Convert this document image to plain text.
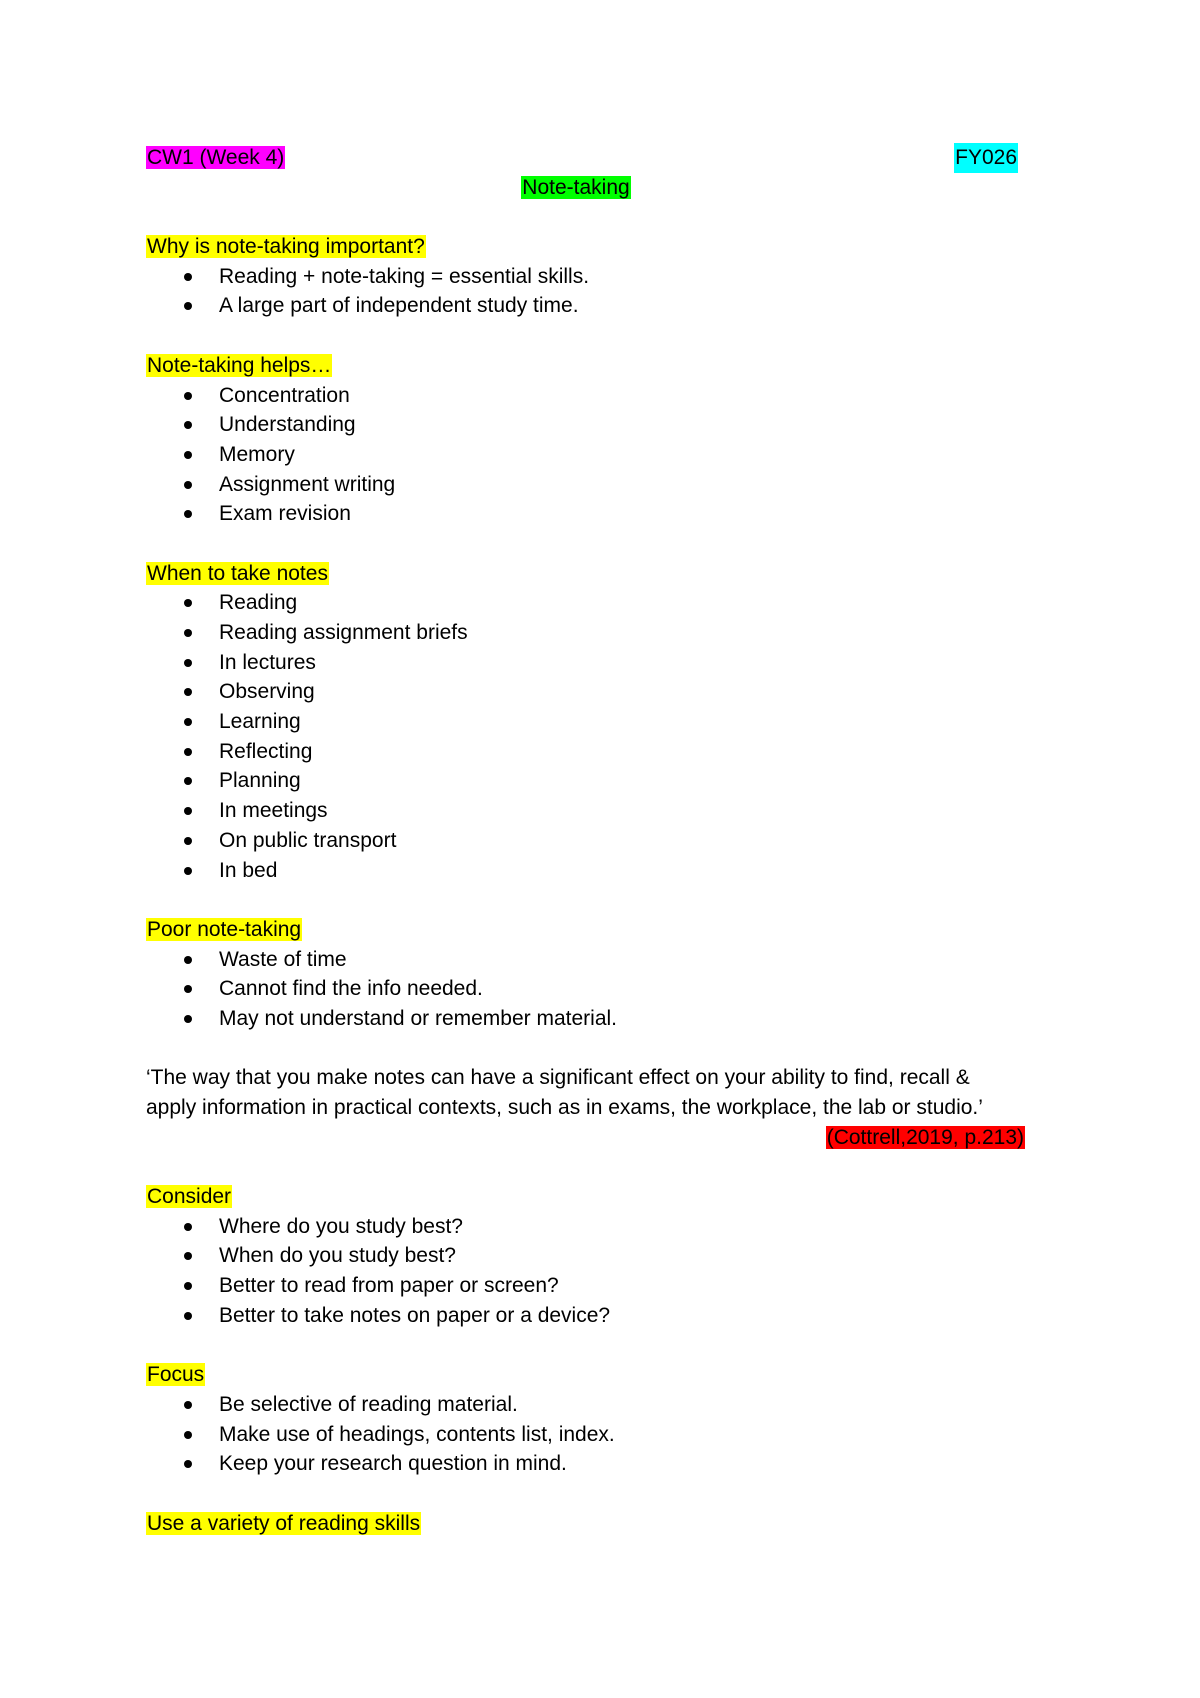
CW1 (Week 4)	FY026
Note-taking
Why is note-taking important?
Reading + note-taking = essential skills.
A large part of independent study time.
Note-taking helps…
Concentration
Understanding
Memory
Assignment writing
Exam revision
When to take notes
Reading
Reading assignment briefs
In lectures
Observing
Learning
Reflecting
Planning
In meetings
On public transport
In bed
Poor note-taking
Waste of time
Cannot find the info needed.
May not understand or remember material.
‘The way that you make notes can have a significant effect on your ability to find, recall &
apply information in practical contexts, such as in exams, the workplace, the lab or studio.’
(Cottrell,2019, p.213)
Consider
Where do you study best?
When do you study best?
Better to read from paper or screen?
Better to take notes on paper or a device?
Focus
Be selective of reading material.
Make use of headings, contents list, index.
Keep your research question in mind.
Use a variety of reading skills
